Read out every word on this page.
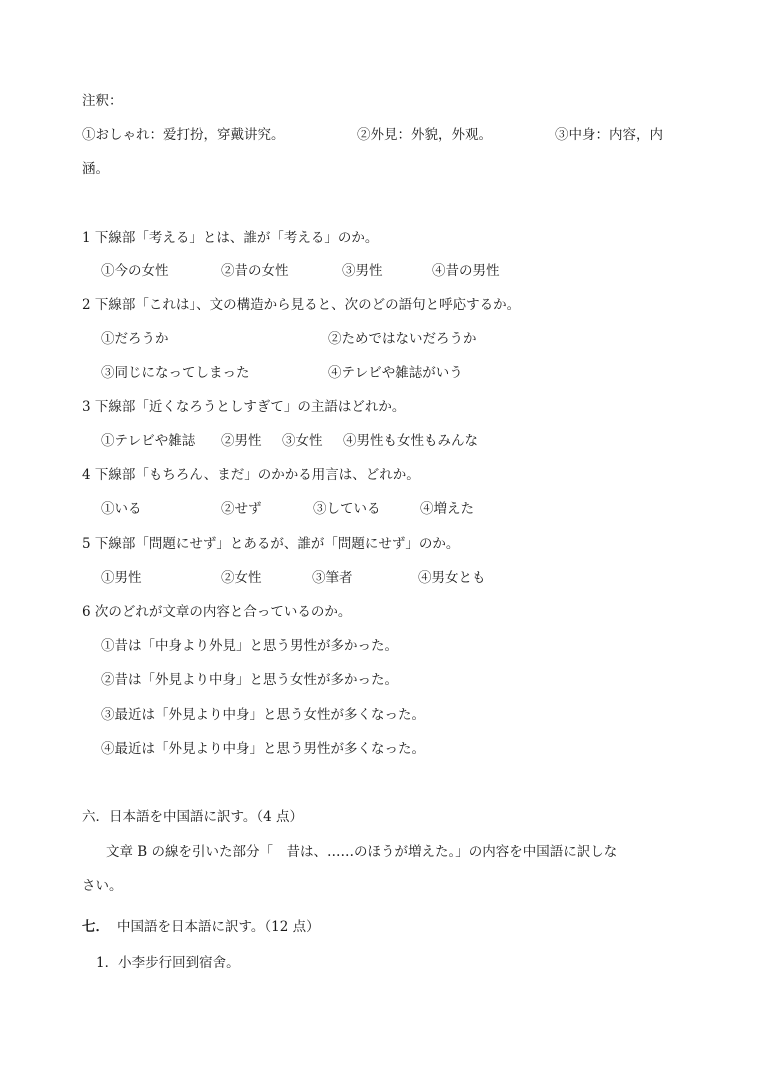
注釈：
①おしゃれ：爱打扮，穿戴讲究。	②外見：外貌，外观。	③中身：内容，内
涵。
1 下線部「考える」とは、誰が「考える」のか。
①今の女性	②昔の女性	③男性	④昔の男性
2 下線部「これは」、文の構造から見ると、次のどの語句と呼応するか。
①だろうか	②ためではないだろうか
③同じになってしまった	④テレビや雑誌がいう
3 下線部「近くなろうとしすぎて」の主語はどれか。
①テレビや雑誌 ②男性 ③女性 ④男性も女性もみんな
4 下線部「もちろん、まだ」のかかる用言は、どれか。
①いる	②せず	③している	④増えた
5 下線部「問題にせず」とあるが、誰が「問題にせず」のか。
①男性	②女性	③筆者	④男女とも
6 次のどれが文章の内容と合っているのか。
①昔は「中身より外見」と思う男性が多かった。
②昔は「外見より中身」と思う女性が多かった。
③最近は「外見より中身」と思う女性が多くなった。
④最近は「外見より中身」と思う男性が多くなった。
六．日本語を中国語に訳す。（4 点）
文章 B の線を引いた部分「　昔は、……のほうが増えた。」の内容を中国語に訳しな
さい。
七． 中国語を日本語に訳す。（12 点）
1．小李步行回到宿舍。
